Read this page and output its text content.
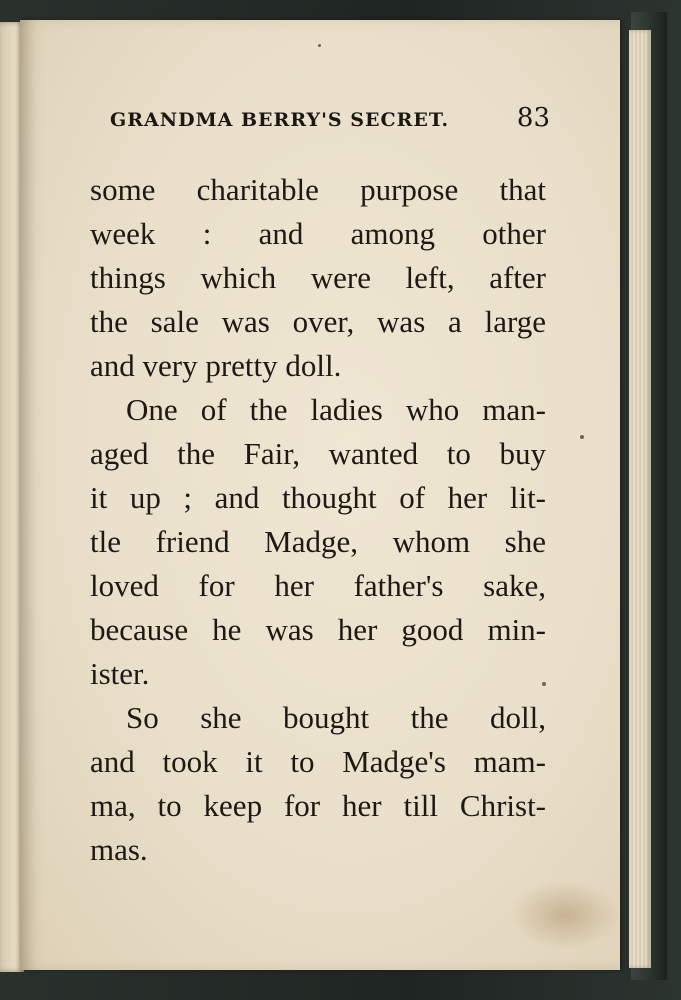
GRANDMA BERRY'S SECRET.	83
some charitable purpose that
week : and among other
things which were left, after
the sale was over, was a large
and very pretty doll.
One of the ladies who man-
aged the Fair, wanted to buy
it up ; and thought of her lit-
tle friend Madge, whom she
loved for her father's sake,
because he was her good min-
ister.
So she bought the doll,
and took it to Madge's mam-
ma, to keep for her till Christ-
mas.
